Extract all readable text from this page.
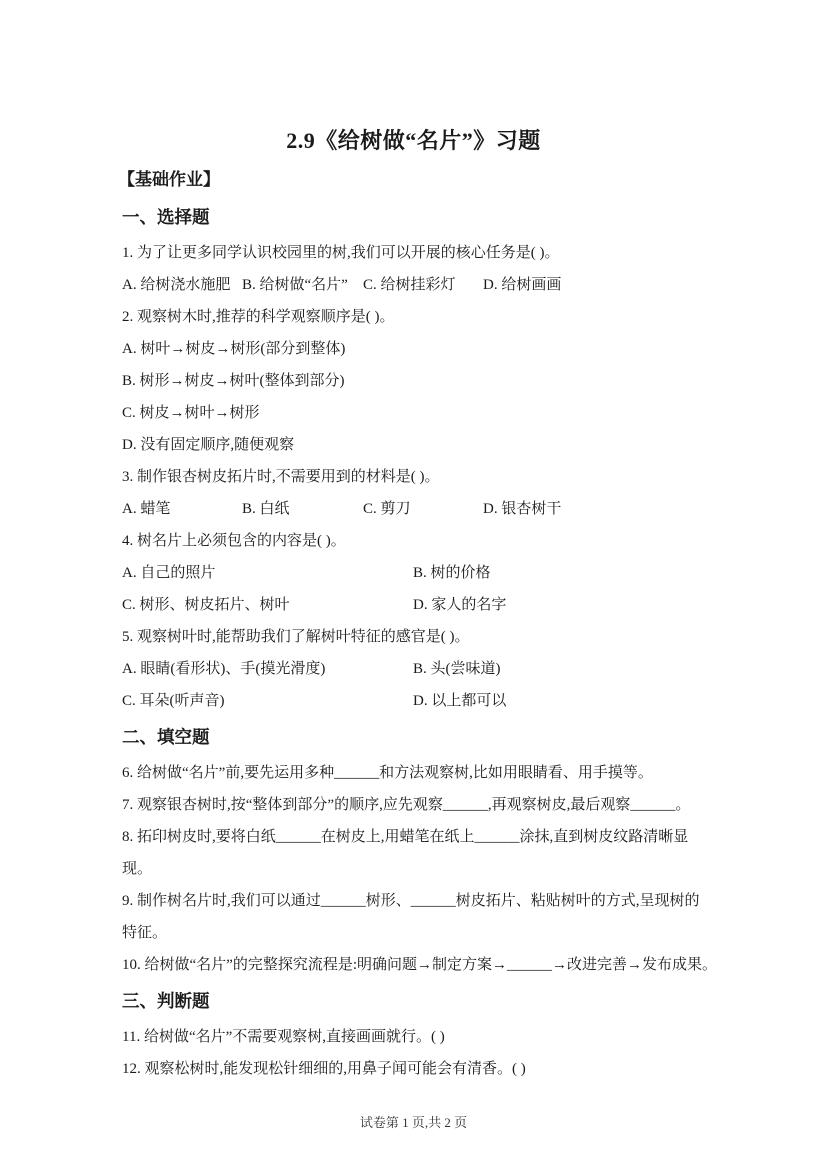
2.9《给树做“名片”》习题
【基础作业】
一、选择题
1. 为了让更多同学认识校园里的树,我们可以开展的核心任务是( )。
A. 给树浇水施肥 B. 给树做“名片” C. 给树挂彩灯 D. 给树画画
2. 观察树木时,推荐的科学观察顺序是( )。
A. 树叶→树皮→树形(部分到整体)
B. 树形→树皮→树叶(整体到部分)
C. 树皮→树叶→树形
D. 没有固定顺序,随便观察
3. 制作银杏树皮拓片时,不需要用到的材料是( )。
A. 蜡笔	B. 白纸	C. 剪刀	D. 银杏树干
4. 树名片上必须包含的内容是( )。
A. 自己的照片	B. 树的价格
C. 树形、树皮拓片、树叶	D. 家人的名字
5. 观察树叶时,能帮助我们了解树叶特征的感官是( )。
A. 眼睛(看形状)、手(摸光滑度)	B. 头(尝味道)
C. 耳朵(听声音)	D. 以上都可以
二、填空题
6. 给树做“名片”前,要先运用多种______和方法观察树,比如用眼睛看、用手摸等。
7. 观察银杏树时,按“整体到部分”的顺序,应先观察______,再观察树皮,最后观察______。
8. 拓印树皮时,要将白纸______在树皮上,用蜡笔在纸上______涂抹,直到树皮纹路清晰显现。
9. 制作树名片时,我们可以通过______树形、______树皮拓片、粘贴树叶的方式,呈现树的特征。
10. 给树做“名片”的完整探究流程是:明确问题→制定方案→______→改进完善→发布成果。
三、判断题
11. 给树做“名片”不需要观察树,直接画画就行。( )
12. 观察松树时,能发现松针细细的,用鼻子闻可能会有清香。( )
试卷第 1 页,共 2 页
